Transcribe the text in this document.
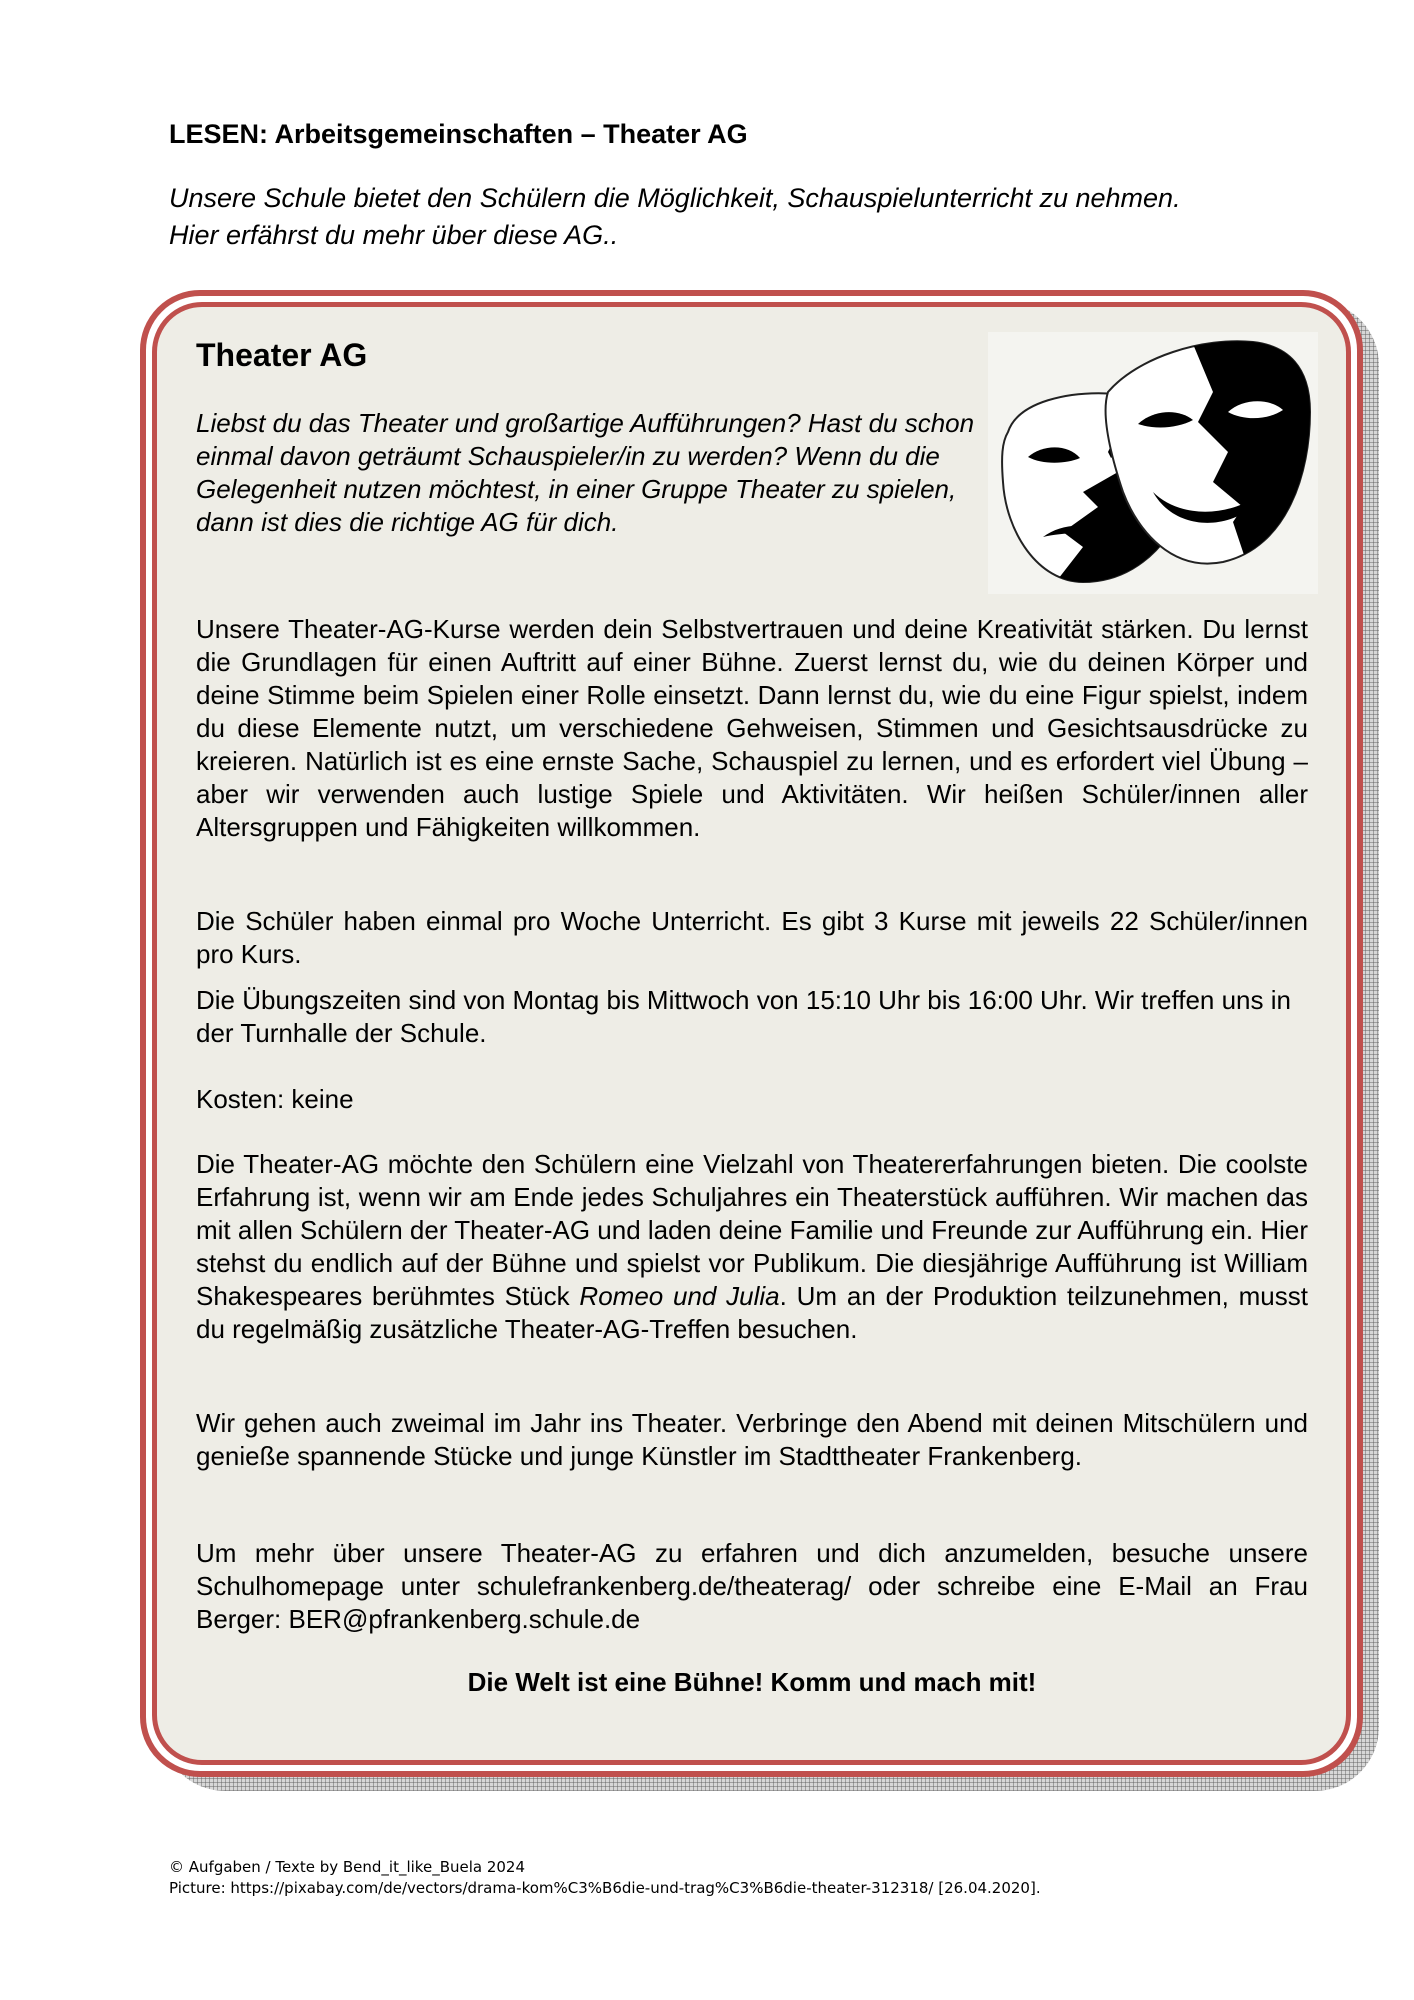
LESEN: Arbeitsgemeinschaften – Theater AG

Unsere Schule bietet den Schülern die Möglichkeit, Schauspielunterricht zu nehmen.
Hier erfährst du mehr über diese AG..

Theater AG

Liebst du das Theater und großartige Aufführungen? Hast du schon einmal davon geträumt Schauspieler/in zu werden? Wenn du die Gelegenheit nutzen möchtest, in einer Gruppe Theater zu spielen, dann ist dies die richtige AG für dich.

Unsere Theater-AG-Kurse werden dein Selbstvertrauen und deine Kreativität stärken. Du lernst die Grundlagen für einen Auftritt auf einer Bühne. Zuerst lernst du, wie du deinen Körper und deine Stimme beim Spielen einer Rolle einsetzt. Dann lernst du, wie du eine Figur spielst, indem du diese Elemente nutzt, um verschiedene Gehweisen, Stimmen und Gesichtsausdrücke zu kreieren. Natürlich ist es eine ernste Sache, Schauspiel zu lernen, und es erfordert viel Übung – aber wir verwenden auch lustige Spiele und Aktivitäten. Wir heißen Schüler/innen aller Altersgruppen und Fähigkeiten willkommen.

Die Schüler haben einmal pro Woche Unterricht. Es gibt 3 Kurse mit jeweils 22 Schüler/innen pro Kurs.

Die Übungszeiten sind von Montag bis Mittwoch von 15:10 Uhr bis 16:00 Uhr. Wir treffen uns in der Turnhalle der Schule.

Kosten: keine

Die Theater-AG möchte den Schülern eine Vielzahl von Theatererfahrungen bieten. Die coolste Erfahrung ist, wenn wir am Ende jedes Schuljahres ein Theaterstück aufführen. Wir machen das mit allen Schülern der Theater-AG und laden deine Familie und Freunde zur Aufführung ein. Hier stehst du endlich auf der Bühne und spielst vor Publikum. Die diesjährige Aufführung ist William Shakespeares berühmtes Stück Romeo und Julia. Um an der Produktion teilzunehmen, musst du regelmäßig zusätzliche Theater-AG-Treffen besuchen.

Wir gehen auch zweimal im Jahr ins Theater. Verbringe den Abend mit deinen Mitschülern und genieße spannende Stücke und junge Künstler im Stadttheater Frankenberg.

Um mehr über unsere Theater-AG zu erfahren und dich anzumelden, besuche unsere Schulhomepage unter schulefrankenberg.de/theaterag/ oder schreibe eine E-Mail an Frau Berger: BER@pfrankenberg.schule.de

Die Welt ist eine Bühne! Komm und mach mit!

© Aufgaben / Texte by Bend_it_like_Buela 2024
Picture: https://pixabay.com/de/vectors/drama-kom%C3%B6die-und-trag%C3%B6die-theater-312318/ [26.04.2020].
